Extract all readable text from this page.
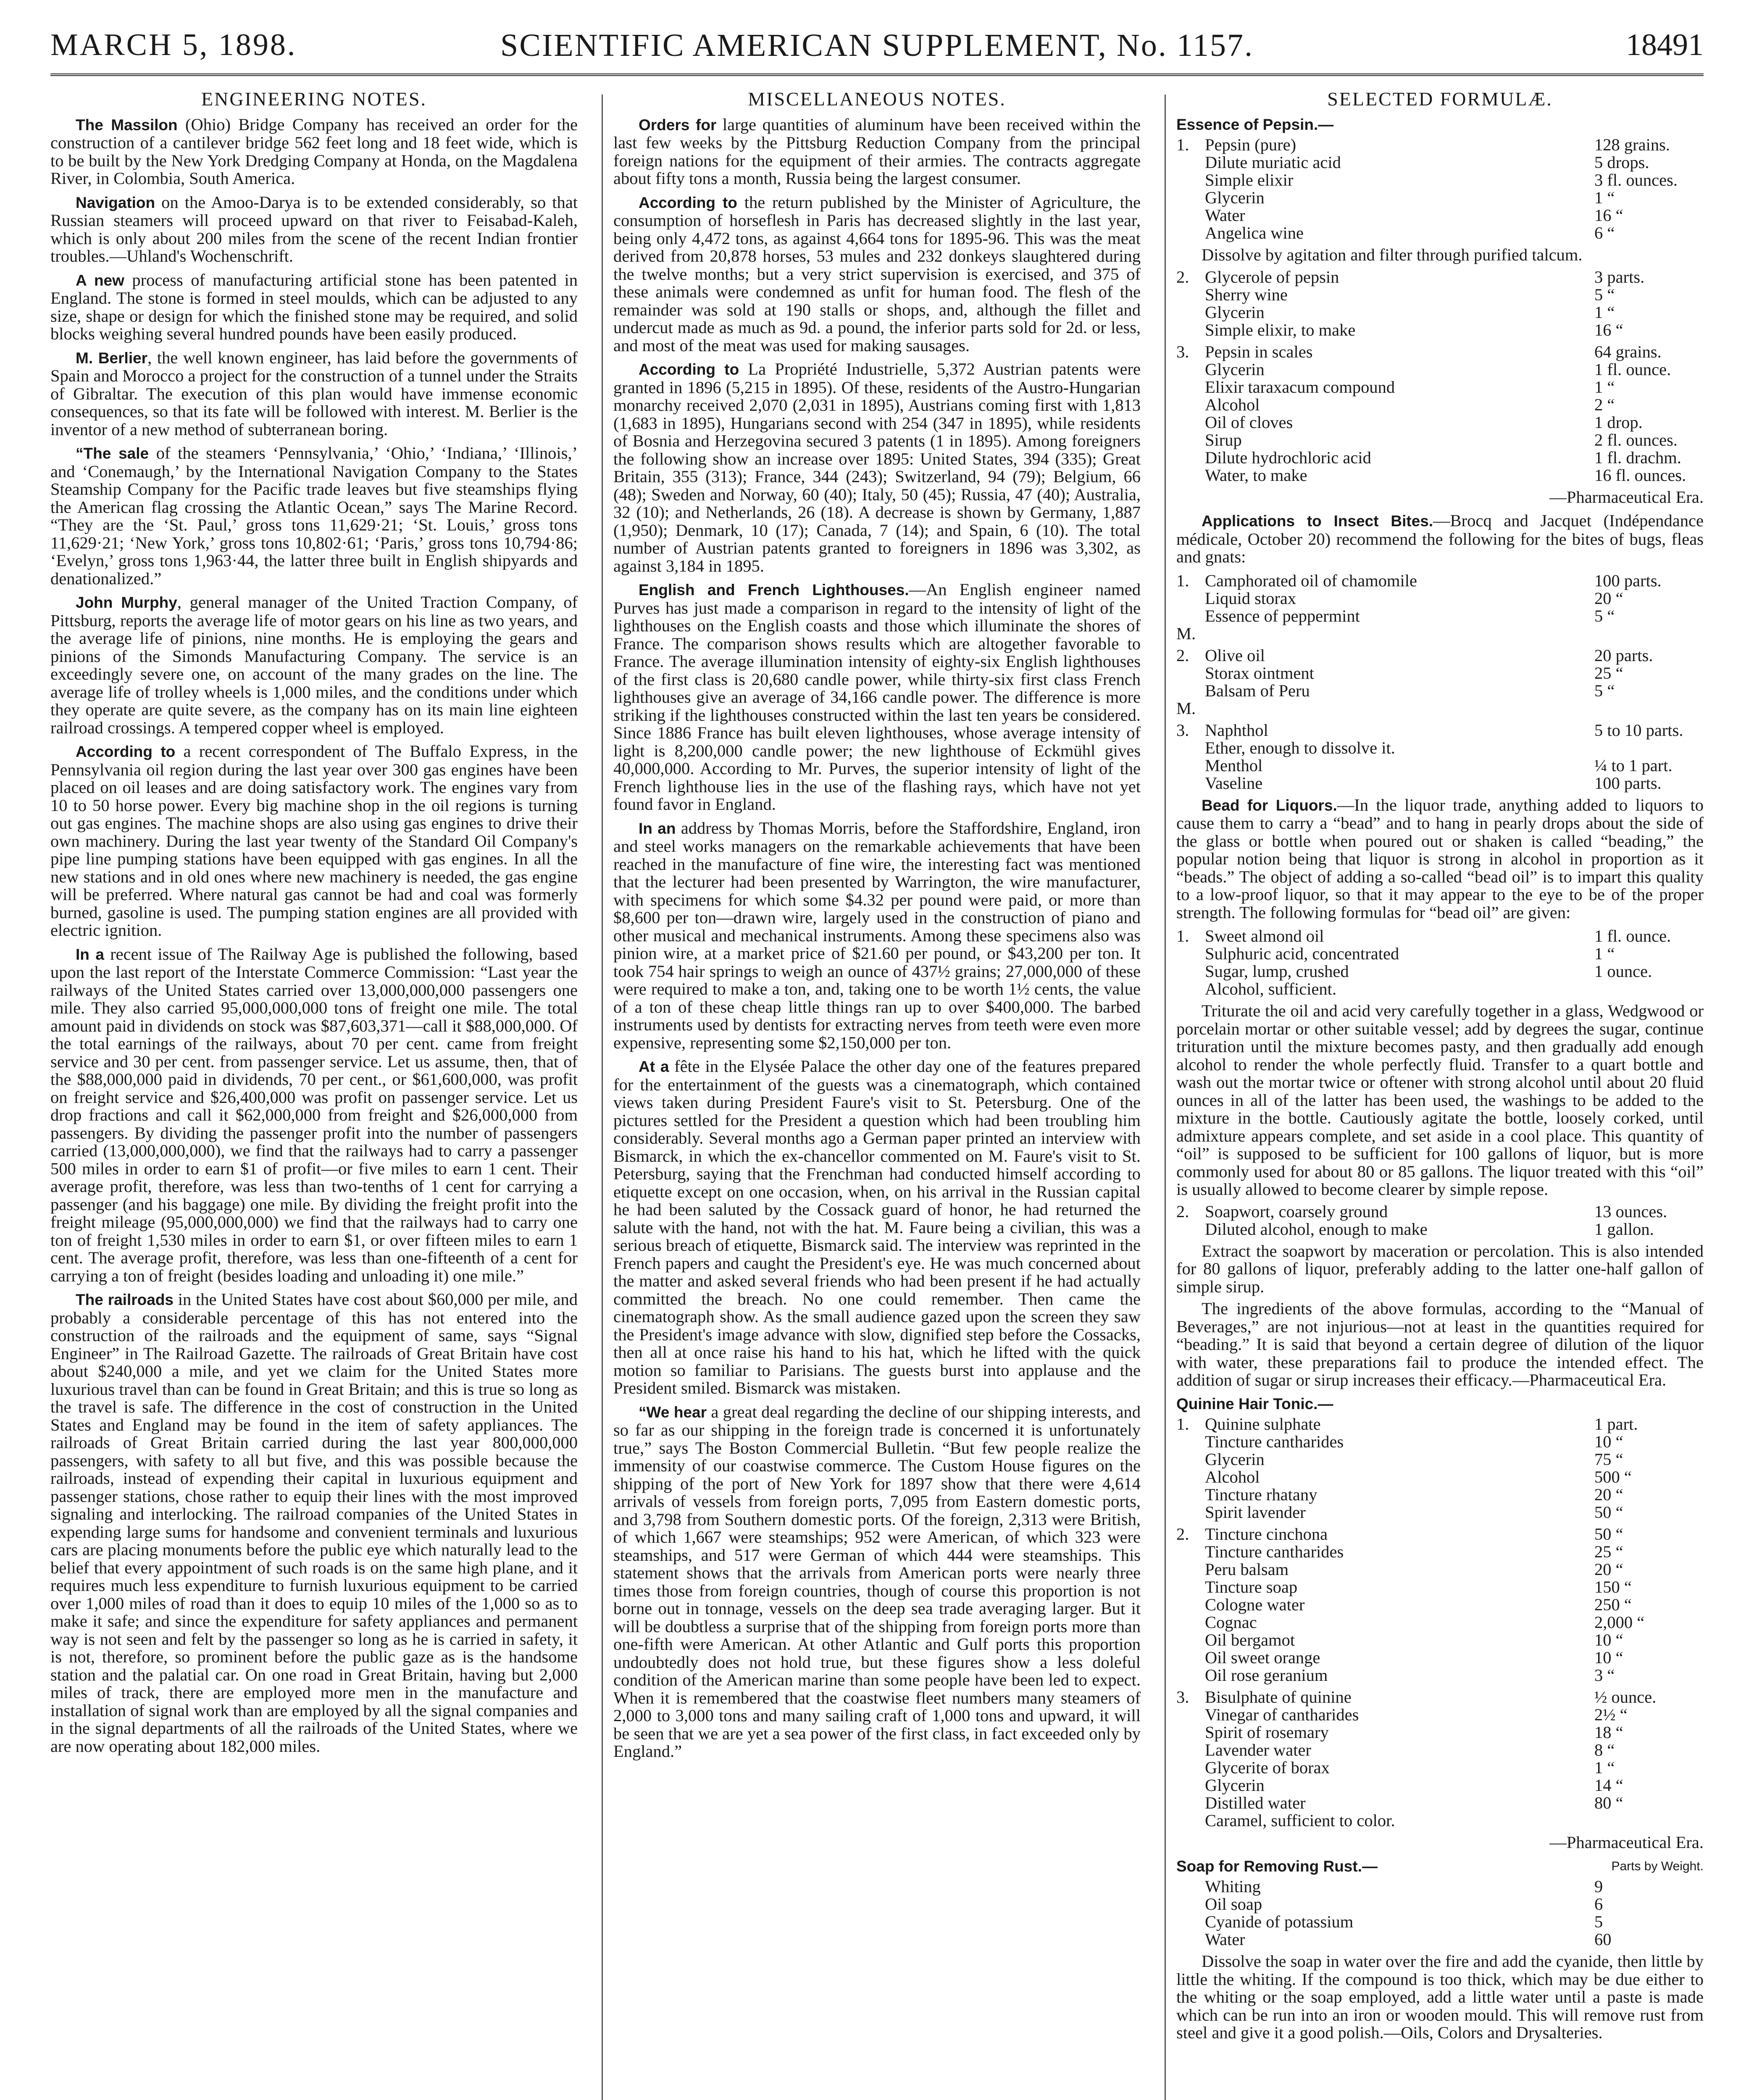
MARCH 5, 1898.	SCIENTIFIC AMERICAN SUPPLEMENT, No. 1157.	18491
ENGINEERING NOTES.

The Massilon (Ohio) Bridge Company has received an order for the construction of a cantilever bridge 562 feet long and 18 feet wide, which is to be built by the New York Dredging Company at Honda, on the Magdalena River, in Colombia, South America.

Navigation on the Amoo-Darya is to be extended considerably, so that Russian steamers will proceed upward on that river to Feisabad-Kaleh, which is only about 200 miles from the scene of the recent Indian frontier troubles.—Uhland's Wochenschrift.

A new process of manufacturing artificial stone has been patented in England. The stone is formed in steel moulds, which can be adjusted to any size, shape or design for which the finished stone may be required, and solid blocks weighing several hundred pounds have been easily produced.

M. Berlier, the well known engineer, has laid before the governments of Spain and Morocco a project for the construction of a tunnel under the Straits of Gibraltar. The execution of this plan would have immense economic consequences, so that its fate will be followed with interest. M. Berlier is the inventor of a new method of subterranean boring.

“The sale of the steamers ‘Pennsylvania,’ ‘Ohio,’ ‘Indiana,’ ‘Illinois,’ and ‘Conemaugh,’ by the International Navigation Company to the States Steamship Company for the Pacific trade leaves but five steamships flying the American flag crossing the Atlantic Ocean,” says The Marine Record. “They are the ‘St. Paul,’ gross tons 11,629·21; ‘St. Louis,’ gross tons 11,629·21; ‘New York,’ gross tons 10,802·61; ‘Paris,’ gross tons 10,794·86; ‘Evelyn,’ gross tons 1,963·44, the latter three built in English shipyards and denationalized.”

John Murphy, general manager of the United Traction Company, of Pittsburg, reports the average life of motor gears on his line as two years, and the average life of pinions, nine months. He is employing the gears and pinions of the Simonds Manufacturing Company. The service is an exceedingly severe one, on account of the many grades on the line. The average life of trolley wheels is 1,000 miles, and the conditions under which they operate are quite severe, as the company has on its main line eighteen railroad crossings. A tempered copper wheel is employed.

According to a recent correspondent of The Buffalo Express, in the Pennsylvania oil region during the last year over 300 gas engines have been placed on oil leases and are doing satisfactory work. The engines vary from 10 to 50 horse power. Every big machine shop in the oil regions is turning out gas engines. The machine shops are also using gas engines to drive their own machinery. During the last year twenty of the Standard Oil Company's pipe line pumping stations have been equipped with gas engines. In all the new stations and in old ones where new machinery is needed, the gas engine will be preferred. Where natural gas cannot be had and coal was formerly burned, gasoline is used. The pumping station engines are all provided with electric ignition.

In a recent issue of The Railway Age is published the following, based upon the last report of the Interstate Commerce Commission: “Last year the railways of the United States carried over 13,000,000,000 passengers one mile. They also carried 95,000,000,000 tons of freight one mile. The total amount paid in dividends on stock was $87,603,371—call it $88,000,000. Of the total earnings of the railways, about 70 per cent. came from freight service and 30 per cent. from passenger service. Let us assume, then, that of the $88,000,000 paid in dividends, 70 per cent., or $61,600,000, was profit on freight service and $26,400,000 was profit on passenger service. Let us drop fractions and call it $62,000,000 from freight and $26,000,000 from passengers. By dividing the passenger profit into the number of passengers carried (13,000,000,000), we find that the railways had to carry a passenger 500 miles in order to earn $1 of profit—or five miles to earn 1 cent. Their average profit, therefore, was less than two-tenths of 1 cent for carrying a passenger (and his baggage) one mile. By dividing the freight profit into the freight mileage (95,000,000,000) we find that the railways had to carry one ton of freight 1,530 miles in order to earn $1, or over fifteen miles to earn 1 cent. The average profit, therefore, was less than one-fifteenth of a cent for carrying a ton of freight (besides loading and unloading it) one mile.”

The railroads in the United States have cost about $60,000 per mile, and probably a considerable percentage of this has not entered into the construction of the railroads and the equipment of same, says “Signal Engineer” in The Railroad Gazette. The railroads of Great Britain have cost about $240,000 a mile, and yet we claim for the United States more luxurious travel than can be found in Great Britain; and this is true so long as the travel is safe. The difference in the cost of construction in the United States and England may be found in the item of safety appliances. The railroads of Great Britain carried during the last year 800,000,000 passengers, with safety to all but five, and this was possible because the railroads, instead of expending their capital in luxurious equipment and passenger stations, chose rather to equip their lines with the most improved signaling and interlocking. The railroad companies of the United States in expending large sums for handsome and convenient terminals and luxurious cars are placing monuments before the public eye which naturally lead to the belief that every appointment of such roads is on the same high plane, and it requires much less expenditure to furnish luxurious equipment to be carried over 1,000 miles of road than it does to equip 10 miles of the 1,000 so as to make it safe; and since the expenditure for safety appliances and permanent way is not seen and felt by the passenger so long as he is carried in safety, it is not, therefore, so prominent before the public gaze as is the handsome station and the palatial car. On one road in Great Britain, having but 2,000 miles of track, there are employed more men in the manufacture and installation of signal work than are employed by all the signal companies and in the signal departments of all the railroads of the United States, where we are now operating about 182,000 miles.

MISCELLANEOUS NOTES.

Orders for large quantities of aluminum have been received within the last few weeks by the Pittsburg Reduction Company from the principal foreign nations for the equipment of their armies. The contracts aggregate about fifty tons a month, Russia being the largest consumer.

According to the return published by the Minister of Agriculture, the consumption of horseflesh in Paris has decreased slightly in the last year, being only 4,472 tons, as against 4,664 tons for 1895-96. This was the meat derived from 20,878 horses, 53 mules and 232 donkeys slaughtered during the twelve months; but a very strict supervision is exercised, and 375 of these animals were condemned as unfit for human food. The flesh of the remainder was sold at 190 stalls or shops, and, although the fillet and undercut made as much as 9d. a pound, the inferior parts sold for 2d. or less, and most of the meat was used for making sausages.

According to La Propriété Industrielle, 5,372 Austrian patents were granted in 1896 (5,215 in 1895). Of these, residents of the Austro-Hungarian monarchy received 2,070 (2,031 in 1895), Austrians coming first with 1,813 (1,683 in 1895), Hungarians second with 254 (347 in 1895), while residents of Bosnia and Herzegovina secured 3 patents (1 in 1895). Among foreigners the following show an increase over 1895: United States, 394 (335); Great Britain, 355 (313); France, 344 (243); Switzerland, 94 (79); Belgium, 66 (48); Sweden and Norway, 60 (40); Italy, 50 (45); Russia, 47 (40); Australia, 32 (10); and Netherlands, 26 (18). A decrease is shown by Germany, 1,887 (1,950); Denmark, 10 (17); Canada, 7 (14); and Spain, 6 (10). The total number of Austrian patents granted to foreigners in 1896 was 3,302, as against 3,184 in 1895.

English and French Lighthouses.—An English engineer named Purves has just made a comparison in regard to the intensity of light of the lighthouses on the English coasts and those which illuminate the shores of France. The comparison shows results which are altogether favorable to France. The average illumination intensity of eighty-six English lighthouses of the first class is 20,680 candle power, while thirty-six first class French lighthouses give an average of 34,166 candle power. The difference is more striking if the lighthouses constructed within the last ten years be considered. Since 1886 France has built eleven lighthouses, whose average intensity of light is 8,200,000 candle power; the new lighthouse of Eckmühl gives 40,000,000. According to Mr. Purves, the superior intensity of light of the French lighthouse lies in the use of the flashing rays, which have not yet found favor in England.

In an address by Thomas Morris, before the Staffordshire, England, iron and steel works managers on the remarkable achievements that have been reached in the manufacture of fine wire, the interesting fact was mentioned that the lecturer had been presented by Warrington, the wire manufacturer, with specimens for which some $4.32 per pound were paid, or more than $8,600 per ton—drawn wire, largely used in the construction of piano and other musical and mechanical instruments. Among these specimens also was pinion wire, at a market price of $21.60 per pound, or $43,200 per ton. It took 754 hair springs to weigh an ounce of 437½ grains; 27,000,000 of these were required to make a ton, and, taking one to be worth 1½ cents, the value of a ton of these cheap little things ran up to over $400,000. The barbed instruments used by dentists for extracting nerves from teeth were even more expensive, representing some $2,150,000 per ton.

At a fête in the Elysée Palace the other day one of the features prepared for the entertainment of the guests was a cinematograph, which contained views taken during President Faure's visit to St. Petersburg. One of the pictures settled for the President a question which had been troubling him considerably. Several months ago a German paper printed an interview with Bismarck, in which the ex-chancellor commented on M. Faure's visit to St. Petersburg, saying that the Frenchman had conducted himself according to etiquette except on one occasion, when, on his arrival in the Russian capital he had been saluted by the Cossack guard of honor, he had returned the salute with the hand, not with the hat. M. Faure being a civilian, this was a serious breach of etiquette, Bismarck said. The interview was reprinted in the French papers and caught the President's eye. He was much concerned about the matter and asked several friends who had been present if he had actually committed the breach. No one could remember. Then came the cinematograph show. As the small audience gazed upon the screen they saw the President's image advance with slow, dignified step before the Cossacks, then all at once raise his hand to his hat, which he lifted with the quick motion so familiar to Parisians. The guests burst into applause and the President smiled. Bismarck was mistaken.

“We hear a great deal regarding the decline of our shipping interests, and so far as our shipping in the foreign trade is concerned it is unfortunately true,” says The Boston Commercial Bulletin. “But few people realize the immensity of our coastwise commerce. The Custom House figures on the shipping of the port of New York for 1897 show that there were 4,614 arrivals of vessels from foreign ports, 7,095 from Eastern domestic ports, and 3,798 from Southern domestic ports. Of the foreign, 2,313 were British, of which 1,667 were steamships; 952 were American, of which 323 were steamships, and 517 were German of which 444 were steamships. This statement shows that the arrivals from American ports were nearly three times those from foreign countries, though of course this proportion is not borne out in tonnage, vessels on the deep sea trade averaging larger. But it will be doubtless a surprise that of the shipping from foreign ports more than one-fifth were American. At other Atlantic and Gulf ports this proportion undoubtedly does not hold true, but these figures show a less doleful condition of the American marine than some people have been led to expect. When it is remembered that the coastwise fleet numbers many steamers of 2,000 to 3,000 tons and many sailing craft of 1,000 tons and upward, it will be seen that we are yet a sea power of the first class, in fact exceeded only by England.”

SELECTED FORMULÆ.
Essence of Pepsin.—
1.	Pepsin (pure)	128 grains.
	Dilute muriatic acid	5 drops.
	Simple elixir	3 fl. ounces.
	Glycerin	1 “
	Water	16 “
	Angelica wine	6 “
Dissolve by agitation and filter through purified talcum.
2.	Glycerole of pepsin	3 parts.
	Sherry wine	5 “
	Glycerin	1 “
	Simple elixir, to make	16 “
3.	Pepsin in scales	64 grains.
	Glycerin	1 fl. ounce.
	Elixir taraxacum compound	1 “
	Alcohol	2 “
	Oil of cloves	1 drop.
	Sirup	2 fl. ounces.
	Dilute hydrochloric acid	1 fl. drachm.
	Water, to make	16 fl. ounces.
—Pharmaceutical Era.

Applications to Insect Bites.—Brocq and Jacquet (Indépendance médicale, October 20) recommend the following for the bites of bugs, fleas and gnats:

1.	Camphorated oil of chamomile	100 parts.
	Liquid storax	20 “
	Essence of peppermint	5 “
M.		
2.	Olive oil	20 parts.
	Storax ointment	25 “
	Balsam of Peru	5 “
M.		
3.	Naphthol	5 to 10 parts.
	Ether, enough to dissolve it.	
	Menthol	¼ to 1 part.
	Vaseline	100 parts.

Bead for Liquors.—In the liquor trade, anything added to liquors to cause them to carry a “bead” and to hang in pearly drops about the side of the glass or bottle when poured out or shaken is called “beading,” the popular notion being that liquor is strong in alcohol in proportion as it “beads.” The object of adding a so-called “bead oil” is to impart this quality to a low-proof liquor, so that it may appear to the eye to be of the proper strength. The following formulas for “bead oil” are given:

1.	Sweet almond oil	1 fl. ounce.
	Sulphuric acid, concentrated	1 “
	Sugar, lump, crushed	1 ounce.
	Alcohol, sufficient.	
Triturate the oil and acid very carefully together in a glass, Wedgwood or porcelain mortar or other suitable vessel; add by degrees the sugar, continue trituration until the mixture becomes pasty, and then gradually add enough alcohol to render the whole perfectly fluid. Transfer to a quart bottle and wash out the mortar twice or oftener with strong alcohol until about 20 fluid ounces in all of the latter has been used, the washings to be added to the mixture in the bottle. Cautiously agitate the bottle, loosely corked, until admixture appears complete, and set aside in a cool place. This quantity of “oil” is supposed to be sufficient for 100 gallons of liquor, but is more commonly used for about 80 or 85 gallons. The liquor treated with this “oil” is usually allowed to become clearer by simple repose.
2.	Soapwort, coarsely ground	13 ounces.
	Diluted alcohol, enough to make	1 gallon.
Extract the soapwort by maceration or percolation. This is also intended for 80 gallons of liquor, preferably adding to the latter one-half gallon of simple sirup.
The ingredients of the above formulas, according to the “Manual of Beverages,” are not injurious—not at least in the quantities required for “beading.” It is said that beyond a certain degree of dilution of the liquor with water, these preparations fail to produce the intended effect. The addition of sugar or sirup increases their efficacy.—Pharmaceutical Era.
Quinine Hair Tonic.—
1.	Quinine sulphate	1 part.
	Tincture cantharides	10 “
	Glycerin	75 “
	Alcohol	500 “
	Tincture rhatany	20 “
	Spirit lavender	50 “
2.	Tincture cinchona	50 “
	Tincture cantharides	25 “
	Peru balsam	20 “
	Tincture soap	150 “
	Cologne water	250 “
	Cognac	2,000 “
	Oil bergamot	10 “
	Oil sweet orange	10 “
	Oil rose geranium	3 “
3.	Bisulphate of quinine	½ ounce.
	Vinegar of cantharides	2½ “
	Spirit of rosemary	18 “
	Lavender water	8 “
	Glycerite of borax	1 “
	Glycerin	14 “
	Distilled water	80 “
	Caramel, sufficient to color.	
—Pharmaceutical Era.
Soap for Removing Rust.—	Parts by Weight.
	Whiting	9
	Oil soap	6
	Cyanide of potassium	5
	Water	60
Dissolve the soap in water over the fire and add the cyanide, then little by little the whiting. If the compound is too thick, which may be due either to the whiting or the soap employed, add a little water until a paste is made which can be run into an iron or wooden mould. This will remove rust from steel and give it a good polish.—Oils, Colors and Drysalteries.
